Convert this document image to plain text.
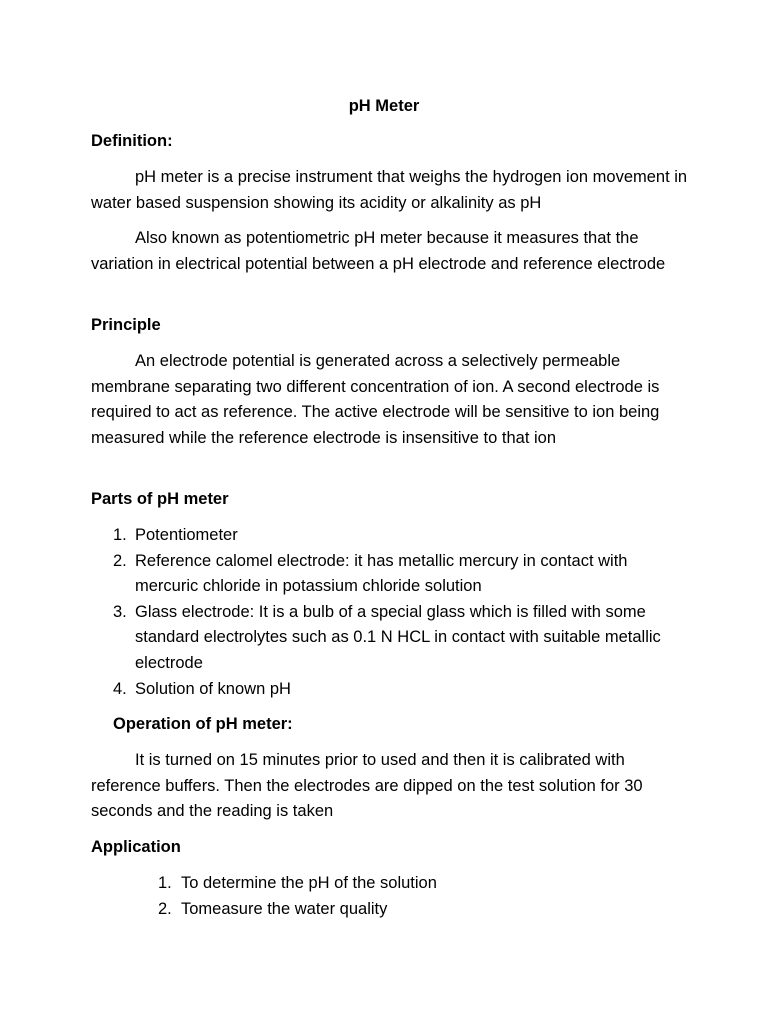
pH Meter
Definition:
pH meter is a precise instrument that weighs the hydrogen ion movement in water based suspension showing its acidity or alkalinity as pH
Also known as potentiometric pH meter because it measures that the variation in electrical potential between a pH electrode and reference electrode
Principle
An electrode potential is generated across a selectively permeable membrane separating two different concentration of ion. A second electrode is required to act as reference. The active electrode will be sensitive to ion being measured while the reference electrode is insensitive to that ion
Parts of pH meter
1. Potentiometer
2. Reference calomel electrode: it has metallic mercury in contact with mercuric chloride in potassium chloride solution
3. Glass electrode: It is a bulb of a special glass which is filled with some standard electrolytes such as 0.1 N HCL in contact with suitable metallic electrode
4. Solution of known pH
Operation of pH meter:
It is turned on 15 minutes prior to used and then it is calibrated with reference buffers. Then the electrodes are dipped on the test solution for 30 seconds and the reading is taken
Application
1. To determine the pH of the solution
2. Tomeasure the water quality
